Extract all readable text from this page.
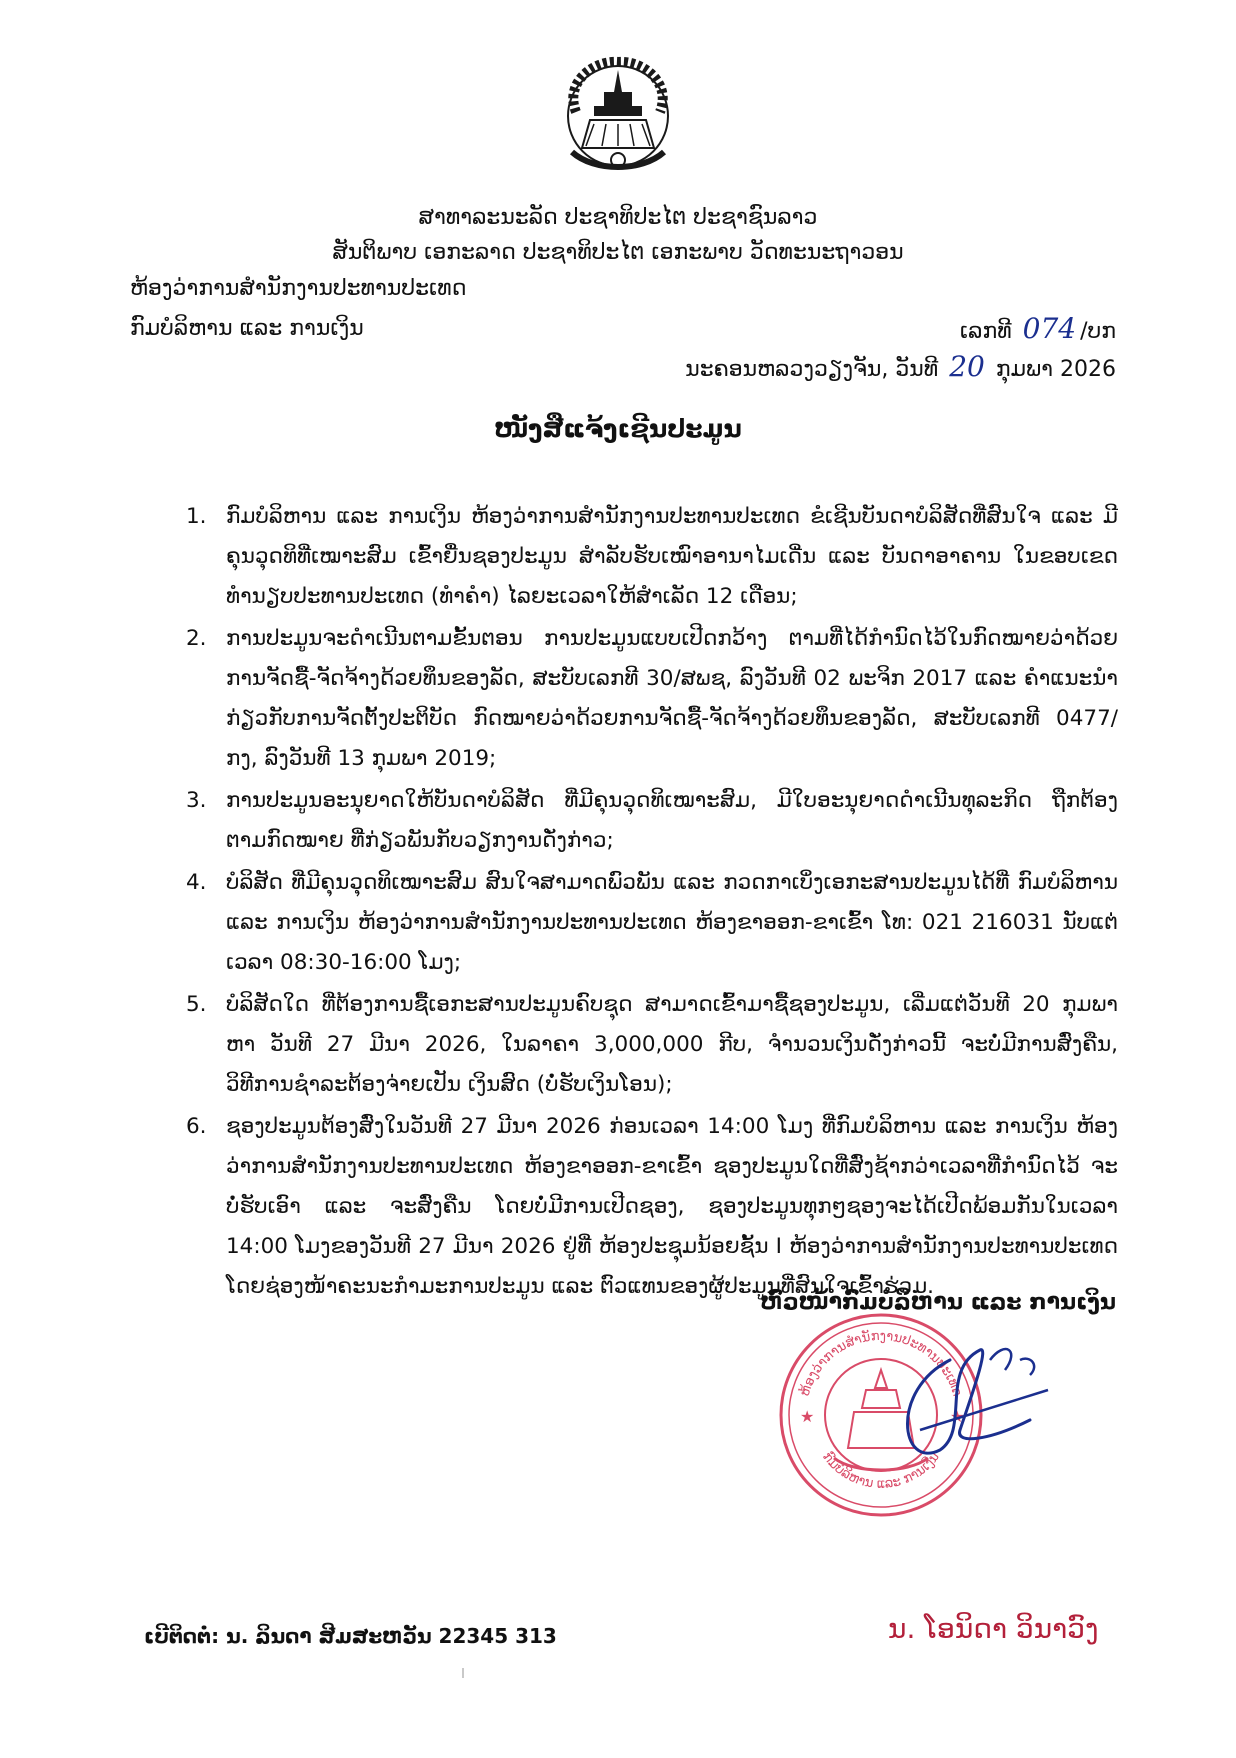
ສາທາລະນະລັດ ປະຊາທິປະໄຕ ປະຊາຊົນລາວ
ສັນຕິພາບ ເອກະລາດ ປະຊາທິປະໄຕ ເອກະພາບ ວັດທະນະຖາວອນ
ຫ້ອງວ່າການສຳນັກງານປະທານປະເທດ
ກົມບໍລິຫານ ແລະ ການເງິນ	ເລກທີ 074 /ບກ
ນະຄອນຫລວງວຽງຈັນ, ວັນທີ 20 ກຸມພາ 2026
ໜັງສືແຈ້ງເຊີນປະມູນ
1. ກົມບໍລິຫານ ແລະ ການເງິນ ຫ້ອງວ່າການສຳນັກງານປະທານປະເທດ ຂໍເຊີນບັນດາບໍລິສັດທີ່ສົນໃຈ ແລະ ມີຄຸນວຸດທິທີ່ເໝາະສົມ ເຂົ້າຍື່ນຊອງປະມູນ ສຳລັບຮັບເໝົາອານາໄມເດີ່ນ ແລະ ບັນດາອາຄານ ໃນຂອບເຂດທຳນຽບປະທານປະເທດ (ທຳຄຳ) ໄລຍະເວລາໃຫ້ສຳເລັດ 12 ເດືອນ;
2. ການປະມູນຈະດຳເນີນຕາມຂັ້ນຕອນ ການປະມູນແບບເປີດກວ້າງ ຕາມທີ່ໄດ້ກຳນົດໄວ້ໃນກົດໝາຍວ່າດ້ວຍການຈັດຊື້-ຈັດຈ້າງດ້ວຍທຶນຂອງລັດ, ສະບັບເລກທີ 30/ສພຊ, ລົງວັນທີ 02 ພະຈິກ 2017 ແລະ ຄຳແນະນຳກ່ຽວກັບການຈັດຕັ້ງປະຕິບັດ ກົດໝາຍວ່າດ້ວຍການຈັດຊື້-ຈັດຈ້າງດ້ວຍທຶນຂອງລັດ, ສະບັບເລກທີ 0477/ກງ, ລົງວັນທີ 13 ກຸມພາ 2019;
3. ການປະມູນອະນຸຍາດໃຫ້ບັນດາບໍລິສັດ ທີ່ມີຄຸນວຸດທິເໝາະສົມ, ມີໃບອະນຸຍາດດຳເນີນທຸລະກິດ ຖືກຕ້ອງຕາມກົດໝາຍ ທີ່ກ່ຽວພັນກັບວຽກງານດັ່ງກ່າວ;
4. ບໍລິສັດ ທີ່ມີຄຸນວຸດທິເໝາະສົມ ສົນໃຈສາມາດພົວພັນ ແລະ ກວດກາເບິ່ງເອກະສານປະມູນໄດ້ທີ່ ກົມບໍລິຫານ ແລະ ການເງິນ ຫ້ອງວ່າການສຳນັກງານປະທານປະເທດ ຫ້ອງຂາອອກ-ຂາເຂົ້າ ໂທ: 021 216031 ນັບແຕ່ເວລາ 08:30-16:00 ໂມງ;
5. ບໍລິສັດໃດ ທີ່ຕ້ອງການຊື້ເອກະສານປະມູນຄົບຊຸດ ສາມາດເຂົ້າມາຊື້ຊອງປະມູນ, ເລີ່ມແຕ່ວັນທີ 20 ກຸມພາ ຫາ ວັນທີ 27 ມີນາ 2026, ໃນລາຄາ 3,000,000 ກີບ, ຈຳນວນເງິນດັ່ງກ່າວນີ້ ຈະບໍ່ມີການສົ່ງຄືນ, ວິທີການຊຳລະຕ້ອງຈ່າຍເປັນ ເງິນສົດ (ບໍ່ຮັບເງິນໂອນ);
6. ຊອງປະມູນຕ້ອງສົ່ງໃນວັນທີ 27 ມີນາ 2026 ກ່ອນເວລາ 14:00 ໂມງ ທີ່ກົມບໍລິຫານ ແລະ ການເງິນ ຫ້ອງວ່າການສຳນັກງານປະທານປະເທດ ຫ້ອງຂາອອກ-ຂາເຂົ້າ ຊອງປະມູນໃດທີ່ສົ່ງຊ້າກວ່າເວລາທີ່ກຳນົດໄວ້ ຈະບໍ່ຮັບເອົາ ແລະ ຈະສົ່ງຄືນ ໂດຍບໍ່ມີການເປີດຊອງ, ຊອງປະມູນທຸກໆຊອງຈະໄດ້ເປີດພ້ອມກັນໃນເວລາ 14:00 ໂມງຂອງວັນທີ 27 ມີນາ 2026 ຢູ່ທີ່ ຫ້ອງປະຊຸມນ້ອຍຊັ້ນ I ຫ້ອງວ່າການສຳນັກງານປະທານປະເທດ ໂດຍຊ່ອງໜ້າຄະນະກຳມະການປະມູນ ແລະ ຕົວແທນຂອງຜູ້ປະມູນທີ່ສົນໃຈເຂົ້າຮ່ວມ.
ຫົວໜ້າກົມບໍລິຫານ ແລະ ການເງິນ
ຫ້ອງວ່າການສຳນັກງານປະທານປະເທດ
ກົມບໍລິຫານ ແລະ ການເງິນ
★	★
ເບີຕິດຕໍ່: ນ. ລິນດາ ສີມສະຫວັນ 22345 313	ນ. ໂອນິດາ ວິນາວົງ
